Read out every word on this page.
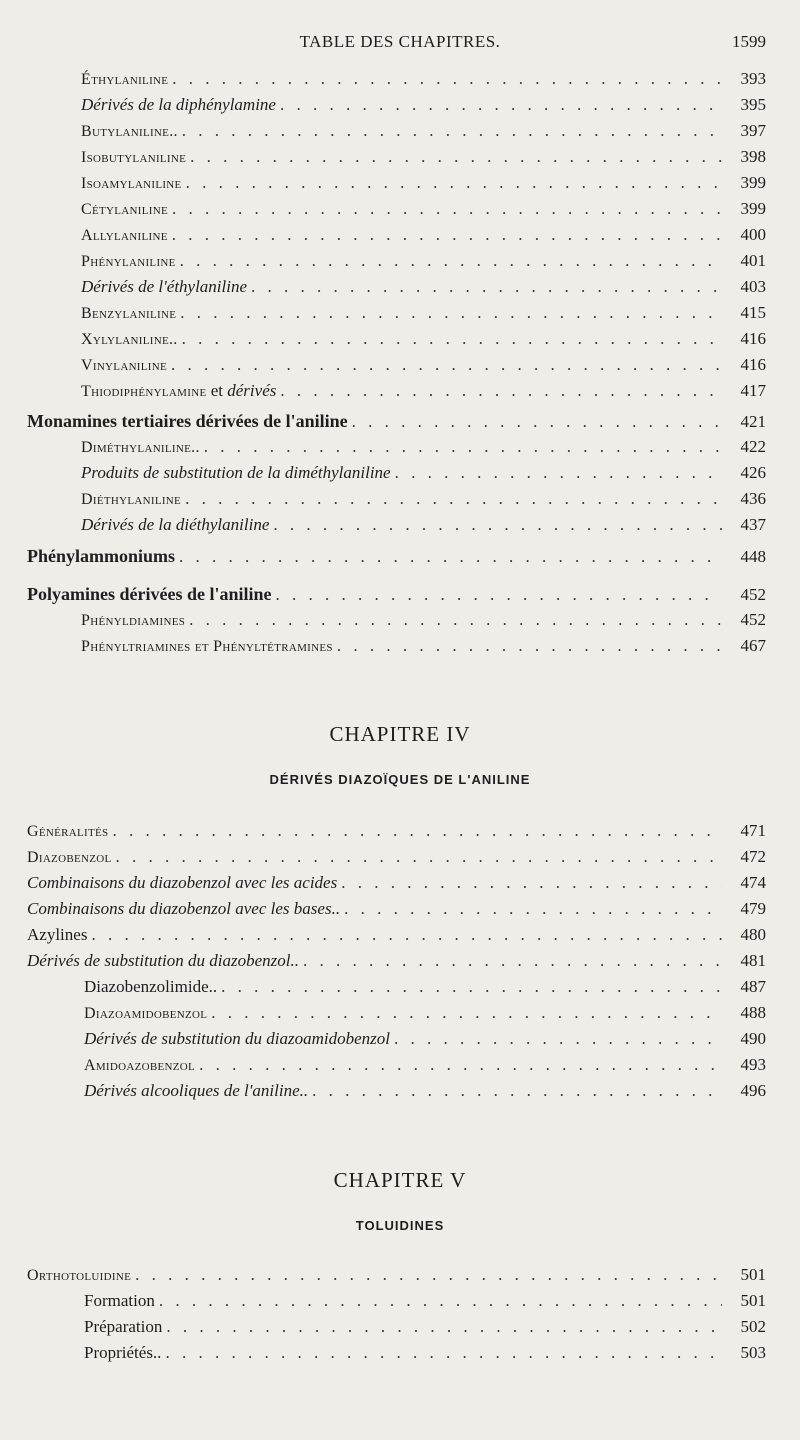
TABLE DES CHAPITRES.	1599
Éthylaniline . . .	393
Dérivés de la diphénylamine . . .	395
Butylaniline.. . . .	397
Isobutylaniline . . .	398
Isoamylaniline . . .	399
Cétylaniline . . .	399
Allylaniline . . .	400
Phénylaniline . . .	401
Dérivés de l'éthylaniline . . .	403
Benzylaniline . . .	415
Xylylaniline.. . . .	416
Vinylaniline . . .	416
Thiodiphénylamine et dérivés . . .	417
Monamines tertiaires dérivées de l'aniline . . .	421
Diméthylaniline.. . . .	422
Produits de substitution de la diméthylaniline . . .	426
Diéthylaniline . . .	436
Dérivés de la diéthylaniline . . .	437
Phénylammoniums . . .	448
Polyamines dérivées de l'aniline . . .	452
Phényldiamines . . .	452
Phényltriamines et Phényltétramines . . .	467
CHAPITRE IV
DÉRIVÉS DIAZOÏQUES DE L'ANILINE
Généralités . . .	471
Diazobenzol . . .	472
Combinaisons du diazobenzol avec les acides . . .	474
Combinaisons du diazobenzol avec les bases.. . . .	479
Azylines . . .	480
Dérivés de substitution du diazobenzol.. . . .	481
Diazobenzolimide.. . . .	487
Diazoamidobenzol . . .	488
Dérivés de substitution du diazoamidobenzol . . .	490
Amidoazobenzol . . .	493
Dérivés alcooliques de l'aniline.. . . .	496
CHAPITRE V
TOLUIDINES
Orthotoluidine . . .	501
Formation . . .	501
Préparation . . .	502
Propriétés.. . . .	503
